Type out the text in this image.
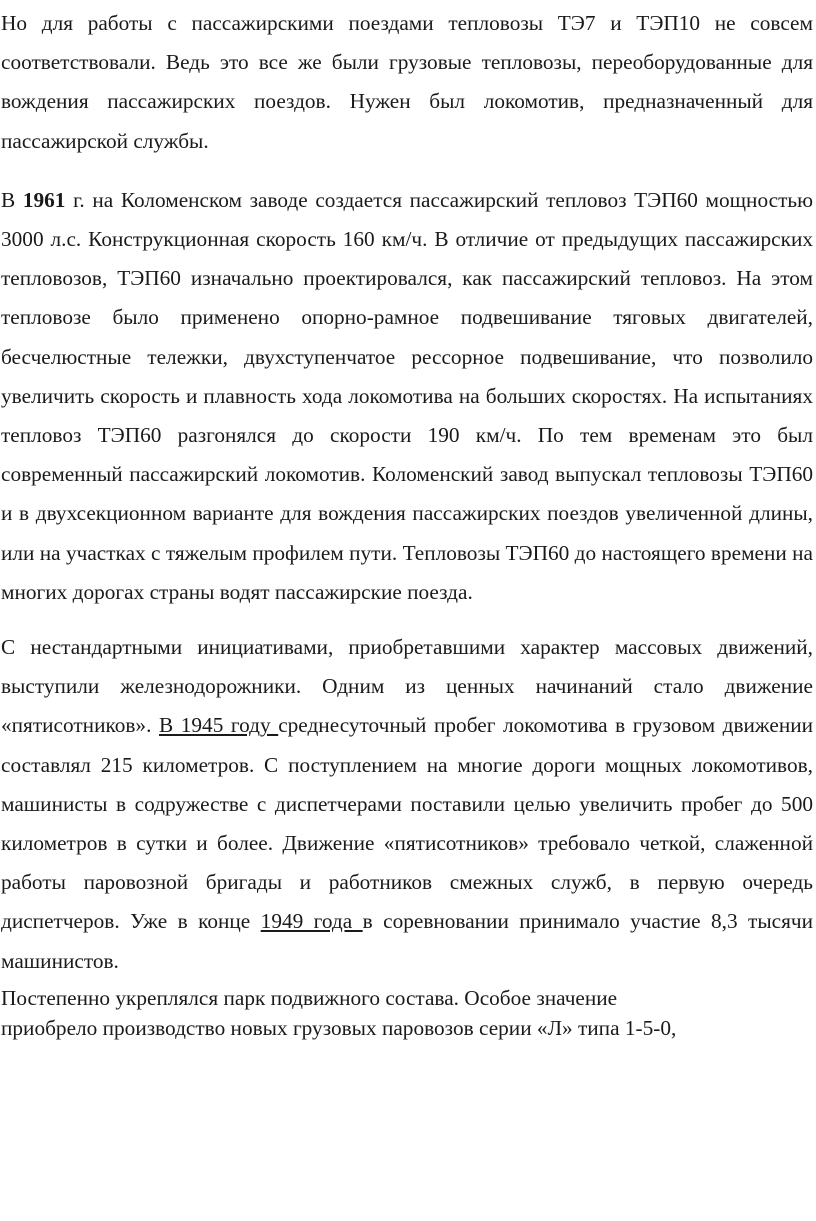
Но для работы с пассажирскими поездами тепловозы ТЭ7 и ТЭП10 не совсем соответствовали. Ведь это все же были грузовые тепловозы, переоборудованные для вождения пассажирских поездов. Нужен был локомотив, предназначенный для пассажирской службы.

В 1961 г. на Коломенском заводе создается пассажирский тепловоз ТЭП60 мощностью 3000 л.с. Конструкционная скорость 160 км/ч. В отличие от предыдущих пассажирских тепловозов, ТЭП60 изначально проектировался, как пассажирский тепловоз. На этом тепловозе было применено опорно-рамное подвешивание тяговых двигателей, бесчелюстные тележки, двухступенчатое рессорное подвешивание, что позволило увеличить скорость и плавность хода локомотива на больших скоростях. На испытаниях тепловоз ТЭП60 разгонялся до скорости 190 км/ч. По тем временам это был современный пассажирский локомотив. Коломенский завод выпускал тепловозы ТЭП60 и в двухсекционном варианте для вождения пассажирских поездов увеличенной длины, или на участках с тяжелым профилем пути. Тепловозы ТЭП60 до настоящего времени на многих дорогах страны водят пассажирские поезда.

С нестандартными инициативами, приобретавшими характер массовых движений, выступили железнодорожники. Одним из ценных начинаний стало движение «пятисотников». В 1945 году среднесуточный пробег локомотива в грузовом движении составлял 215 километров. С поступлением на многие дороги мощных локомотивов, машинисты в содружестве с диспетчерами поставили целью увеличить пробег до 500 километров в сутки и более. Движение «пятисотников» требовало четкой, слаженной работы паровозной бригады и работников смежных служб, в первую очередь диспетчеров. Уже в конце 1949 года в соревновании принимало участие 8,3 тысячи машинистов.

Постепенно укреплялся парк подвижного состава. Особое значение
приобрело производство новых грузовых паровозов серии «Л» типа 1-5-0,
